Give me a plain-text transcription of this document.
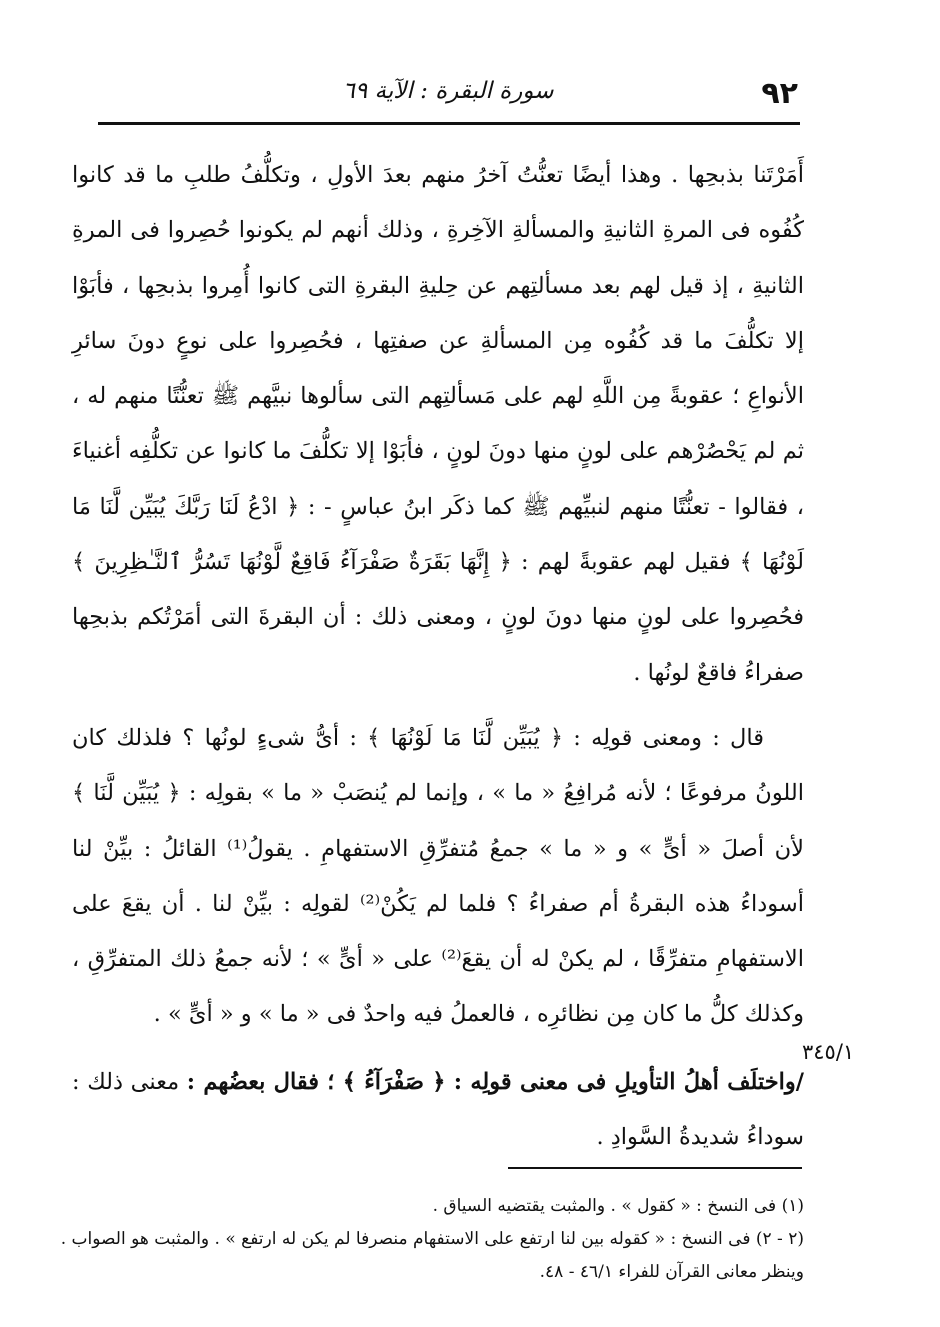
٩٢
سورة البقرة : الآية ٦٩

أَمَرْتَنا بذبحِها . وهذا أيضًا تعنُّتُ آخرُ منهم بعدَ الأولِ ، وتكلُّفُ طلبِ ما قد كانوا كُفُوه فى المرةِ الثانيةِ والمسألةِ الآخِرةِ ، وذلك أنهم لم يكونوا حُصِروا فى المرةِ الثانيةِ ، إذ قيل لهم بعد مسألتِهم عن حِليةِ البقرةِ التى كانوا أُمِروا بذبحِها ، فأبَوْا إلا تكلُّفَ ما قد كُفُوه مِن المسألةِ عن صفتِها ، فحُصِروا على نوعٍ دونَ سائرِ الأنواعِ ؛ عقوبةً مِن اللَّهِ لهم على مَسألتِهم التى سألوها نبيَّهم ﷺ تعنُّتًا منهم له ، ثم لم يَحْصُرْهم على لونٍ منها دونَ لونٍ ، فأبَوْا إلا تكلُّفَ ما كانوا عن تكلُّفِه أغنياءَ ، فقالوا - تعنُّتًا منهم لنبيِّهم ﷺ كما ذكَر ابنُ عباسٍ - : ﴿ ادْعُ لَنَا رَبَّكَ يُبَيِّن لَّنَا مَا لَوْنُهَا ﴾ فقيل لهم عقوبةً لهم : ﴿ إِنَّهَا بَقَرَةٌ صَفْرَآءُ فَاقِعٌ لَّوْنُهَا تَسُرُّ ٱلنَّـٰظِرِينَ ﴾ فحُصِروا على لونٍ منها دونَ لونٍ ، ومعنى ذلك : أن البقرةَ التى أمَرْتُكم بذبحِها صفراءُ فاقعٌ لونُها .

قال : ومعنى قولِه : ﴿ يُبَيِّن لَّنَا مَا لَوْنُهَا ﴾ : أىُّ شىءٍ لونُها ؟ فلذلك كان اللونُ مرفوعًا ؛ لأنه مُرافِعُ « ما » ، وإنما لم يُنصَبْ « ما » بقولِه : ﴿ يُبَيِّن لَّنَا ﴾ لأن أصلَ « أىٍّ » و « ما » جمعُ مُتفرِّقِ الاستفهامِ . يقولُ⁽¹⁾ القائلُ : بيِّنْ لنا أسوداءُ هذه البقرةُ أم صفراءُ ؟ فلما لم يَكُنْ⁽²⁾ لقولِه : بيِّنْ لنا . أن يقعَ على الاستفهامِ متفرِّقًا ، لم يكنْ له أن يقعَ⁽²⁾ على « أىٍّ » ؛ لأنه جمعُ ذلك المتفرِّقِ ، وكذلك كلُّ ما كان مِن نظائرِه ، فالعملُ فيه واحدٌ فى « ما » و « أىٍّ » .

/واختلَف أهلُ التأويلِ فى معنى قولِه : ﴿ صَفْرَآءُ ﴾ ؛ فقال بعضُهم : معنى ذلك : سوداءُ شديدةُ السَّوادِ .

٣٤٥/١

(١) فى النسخ : « كقول » . والمثبت يقتضيه السياق .

(٢ - ٢) فى النسخ : « كقوله بين لنا ارتفع على الاستفهام منصرفا لم يكن له ارتفع » . والمثبت هو الصواب .

وينظر معانى القرآن للفراء ٤٦/١ - ٤٨.
